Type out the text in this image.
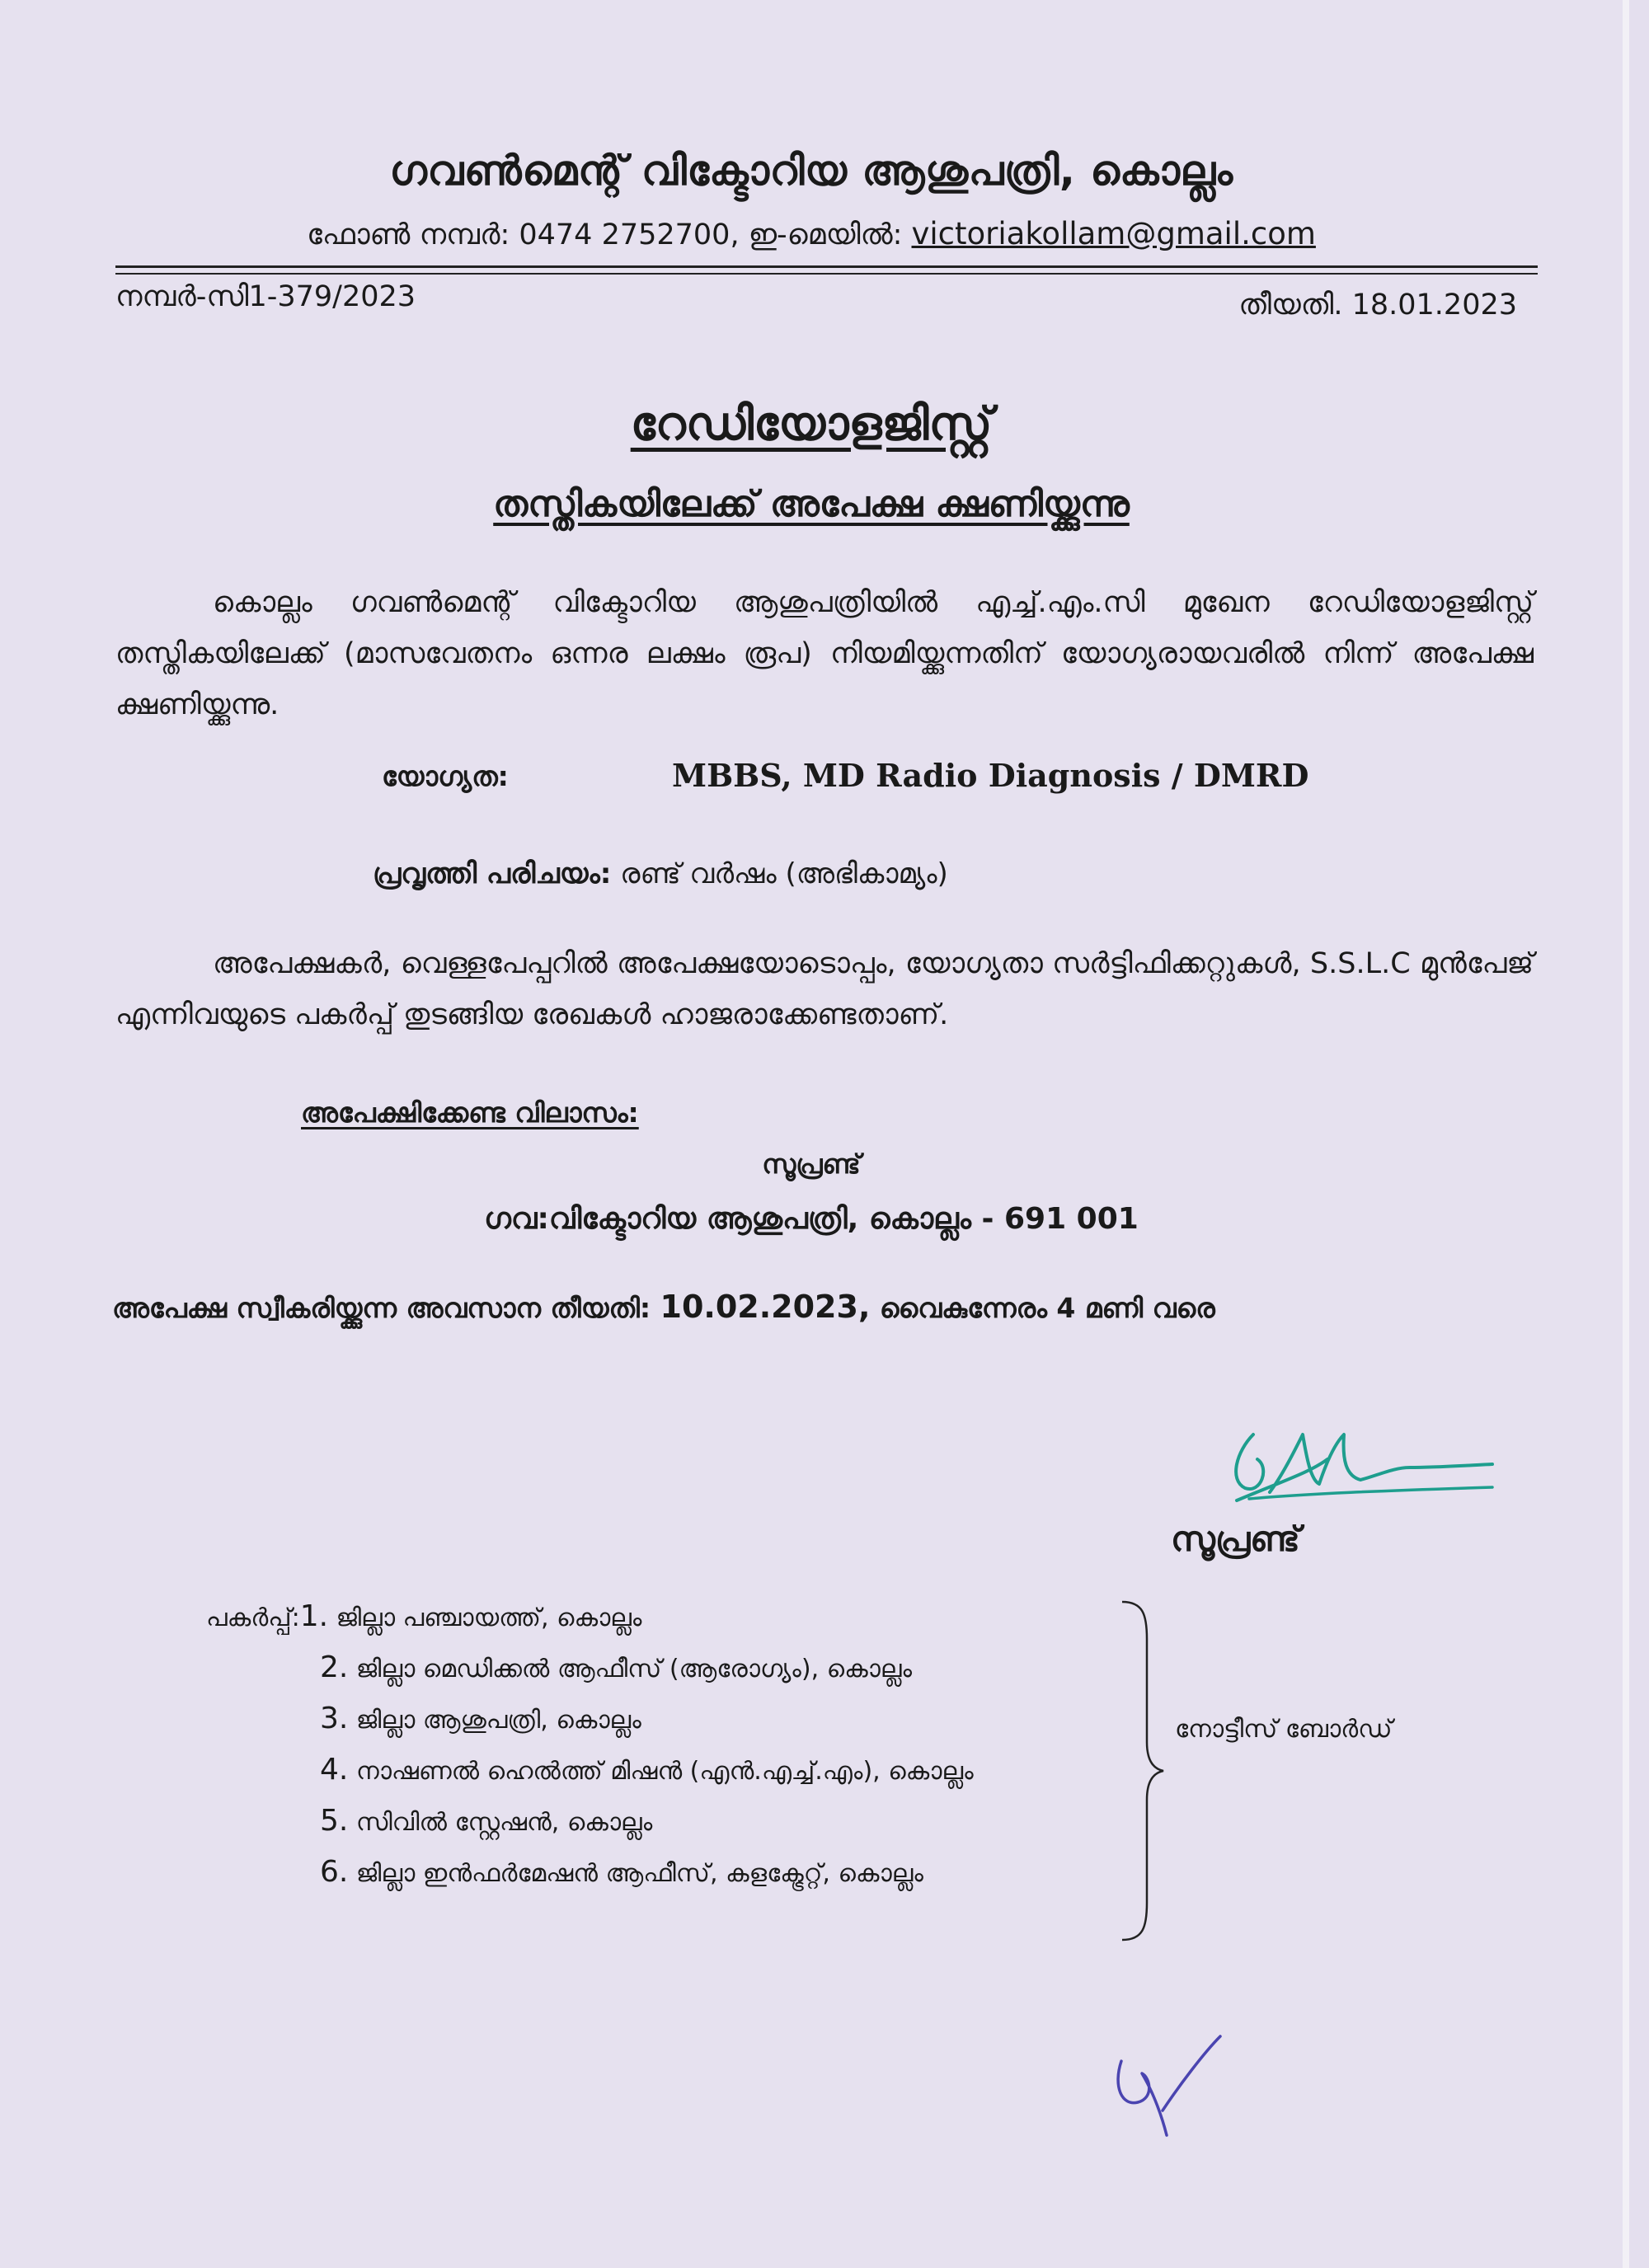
ഗവൺമെന്റ് വിക്ടോറിയ ആശുപത്രി, കൊല്ലം
ഫോൺ നമ്പർ: 0474 2752700, ഇ-മെയിൽ: victoriakollam@gmail.com
നമ്പർ-സി1-379/2023	തീയതി. 18.01.2023
റേഡിയോളജിസ്റ്റ്
തസ്തികയിലേക്ക് അപേക്ഷ ക്ഷണിയ്ക്കുന്നു
കൊല്ലം ഗവൺമെന്റ് വിക്ടോറിയ ആശുപത്രിയിൽ എച്ച്.എം.സി മുഖേന റേഡിയോളജിസ്റ്റ് തസ്തികയിലേക്ക് (മാസവേതനം ഒന്നര ലക്ഷം രൂപ) നിയമിയ്ക്കുന്നതിന് യോഗ്യരായവരിൽ നിന്ന് അപേക്ഷ ക്ഷണിയ്ക്കുന്നു.
യോഗ്യത:	MBBS, MD Radio Diagnosis / DMRD
പ്രവൃത്തി പരിചയം: രണ്ട് വർഷം (അഭികാമ്യം)
അപേക്ഷകർ, വെള്ളപേപ്പറിൽ അപേക്ഷയോടൊപ്പം, യോഗ്യതാ സർട്ടിഫിക്കറ്റുകൾ, S.S.L.C മുൻപേജ് എന്നിവയുടെ പകർപ്പ് തുടങ്ങിയ രേഖകൾ ഹാജരാക്കേണ്ടതാണ്.
അപേക്ഷിക്കേണ്ട വിലാസം:
സൂപ്രണ്ട്
ഗവ:വിക്ടോറിയ ആശുപത്രി, കൊല്ലം - 691 001
അപേക്ഷ സ്വീകരിയ്ക്കുന്ന അവസാന തീയതി: 10.02.2023, വൈകുന്നേരം 4 മണി വരെ
സൂപ്രണ്ട്
പകർപ്പ്:1. ജില്ലാ പഞ്ചായത്ത്, കൊല്ലം
2. ജില്ലാ മെഡിക്കൽ ആഫീസ് (ആരോഗ്യം), കൊല്ലം
3. ജില്ലാ ആശുപത്രി, കൊല്ലം
4. നാഷണൽ ഹെൽത്ത് മിഷൻ (എൻ.എച്ച്.എം), കൊല്ലം
5. സിവിൽ സ്റ്റേഷൻ, കൊല്ലം
6. ജില്ലാ ഇൻഫർമേഷൻ ആഫീസ്, കളക്ട്രേറ്റ്, കൊല്ലം
നോട്ടീസ് ബോർഡ്
